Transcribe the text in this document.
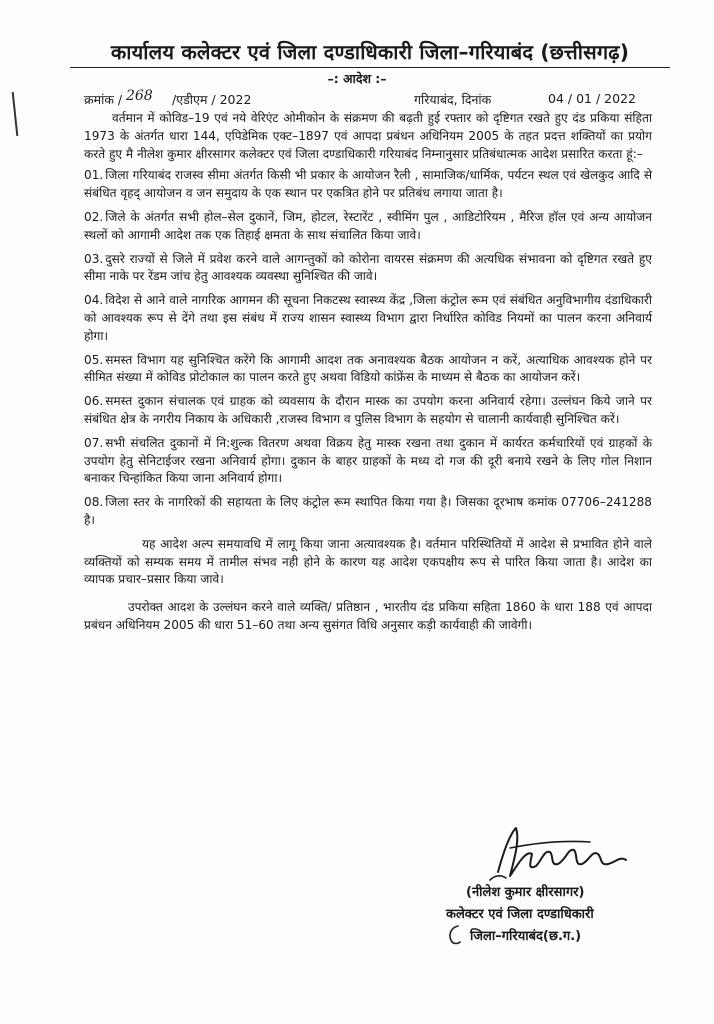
कार्यालय कलेक्टर एवं जिला दण्डाधिकारी जिला–गरियाबंद (छत्तीसगढ़)
–: आदेश :–
क्रमांक / 268 /एडीएम / 2022	गरियाबंद, दिनांक	04 / 01 / 2022

वर्तमान में कोविड–19 एवं नये वेरिएंट ओमीकोन के संक्रमण की बढ़ती हुई रफ्तार को दृष्टिगत रखते हुए दंड प्रकिया संहिता 1973 के अंतर्गत धारा 144, एपिडेमिक एक्ट–1897 एवं आपदा प्रबंधन अधिनियम 2005 के तहत प्रदत्त शक्तियों का प्रयोग करते हुए मै नीलेश कुमार क्षीरसागर कलेक्टर एवं जिला दण्डाधिकारी गरियाबंद निम्नानुसार प्रतिबंधात्मक आदेश प्रसारित करता हूं:–

01. जिला गरियाबंद राजस्व सीमा अंतर्गत किसी भी प्रकार के आयोजन रैली , सामाजिक/धार्मिक, पर्यटन स्थल एवं खेलकुद आदि से संबंधित वृहद् आयोजन व जन समुदाय के एक स्थान पर एकत्रित होने पर प्रतिबंध लगाया जाता है।
02. जिले के अंतर्गत सभी होल–सेल दुकानें, जिम, होटल, रेस्टारेंट , स्वीमिंग पुल , आडिटोरियम , मैरिज हॉल एवं अन्य आयोजन स्थलों को आगामी आदेश तक एक तिहाई क्षमता के साथ संचालित किया जावे।
03. दुसरे राज्यों से जिले में प्रवेश करने वाले आगन्तुकों को कोरोना वायरस संक्रमण की अत्यधिक संभावना को दृष्टिगत रखते हुए सीमा नाके पर रेंडम जांच हेतु आवश्यक व्यवस्था सुनिश्चित की जावे।
04. विदेश से आने वाले नागरिक आगमन की सूचना निकटस्थ स्वास्थ्य केंद्र ,जिला कंट्रोल रूम एवं संबंधित अनुविभागीय दंडाधिकारी को आवश्यक रूप से देंगे तथा इस संबंध में राज्य शासन स्वास्थ्य विभाग द्वारा निर्धारित कोविड नियमों का पालन करना अनिवार्य होगा।
05. समस्त विभाग यह सुनिश्चित करेंगे कि आगामी आदश तक अनावश्यक बैठक आयोजन न करें, अत्याधिक आवश्यक होने पर सीमित संख्या में कोविड प्रोटोकाल का पालन करते हुए अथवा विडियो कांफ्रेंस के माध्यम से बैठक का आयोजन करें।
06. समस्त दुकान संचालक एवं ग्राहक को व्यवसाय के दौरान मास्क का उपयोग करना अनिवार्य रहेगा। उल्लंघन किये जाने पर संबंधित क्षेत्र के नगरीय निकाय के अधिकारी ,राजस्व विभाग व पुलिस विभाग के सहयोग से चालानी कार्यवाही सुनिश्चित करें।
07. सभी संचलित दुकानों में नि:शुल्क वितरण अथवा विक्रय हेतु मास्क रखना तथा दुकान में कार्यरत कर्मचारियों एवं ग्राहकों के उपयोग हेतु सेनिटाईजर रखना अनिवार्य होगा। दुकान के बाहर ग्राहकों के मध्य दो गज की दूरी बनाये रखने के लिए गोल निशान बनाकर चिन्हांकित किया जाना अनिवार्य होगा।
08. जिला स्तर के नागरिकों की सहायता के लिए कंट्रोल रूम स्थापित किया गया है। जिसका दूरभाष कमांक 07706–241288 है।

यह आदेश अल्प समयावधि में लागू किया जाना अत्यावश्यक है। वर्तमान परिस्थितियों में आदेश से प्रभावित होने वाले व्यक्तियों को सम्यक समय में तामील संभव नही होने के कारण यह आदेश एकपक्षीय रूप से पारित किया जाता है। आदेश का व्यापक प्रचार–प्रसार किया जावे।

उपरोक्त आदश के उल्लंघन करने वाले व्यक्ति/ प्रतिष्ठान , भारतीय दंड प्रकिया सहिता 1860 के धारा 188 एवं आपदा प्रबंधन अधिनियम 2005 की धारा 51–60 तथा अन्य सुसंगत विधि अनुसार कड़ी कार्यवाही की जावेगी।

(नीलेश कुमार क्षीरसागर)
कलेक्टर एवं जिला दण्डाधिकारी
जिला–गरियाबंद(छ.ग.)
